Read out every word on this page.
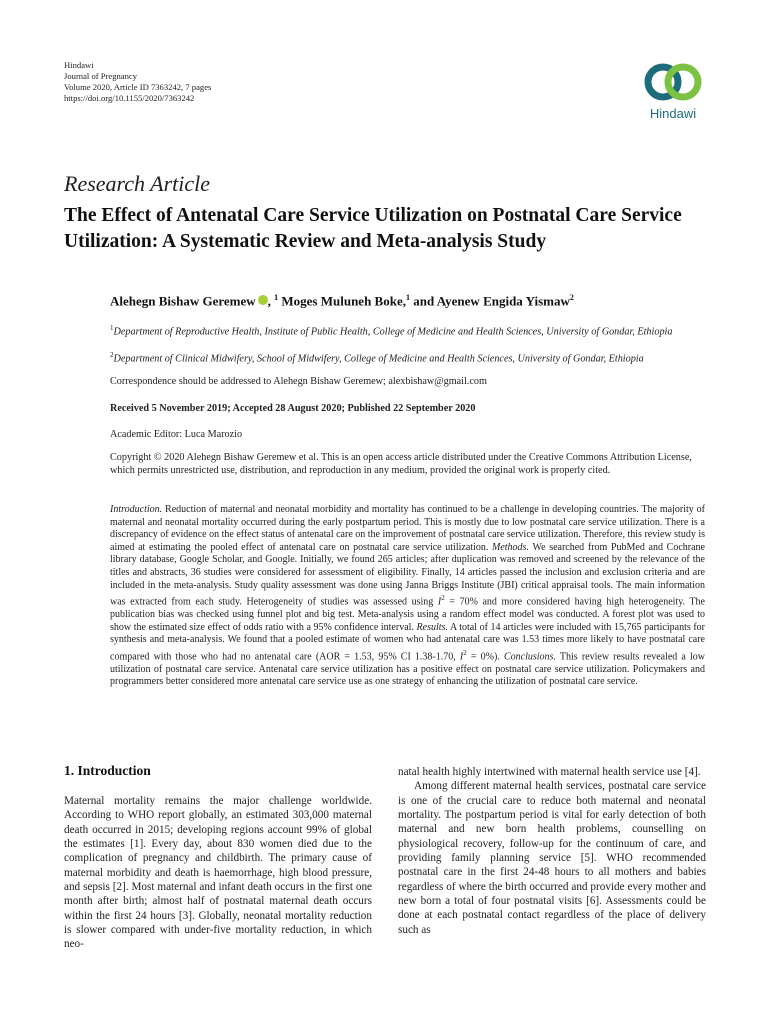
Hindawi
Journal of Pregnancy
Volume 2020, Article ID 7363242, 7 pages
https://doi.org/10.1155/2020/7363242
Hindawi
Research Article
The Effect of Antenatal Care Service Utilization on Postnatal Care Service Utilization: A Systematic Review and Meta-analysis Study
Alehegn Bishaw Geremew , $^1$ Moges Muluneh Boke,$^1$ and Ayenew Engida Yismaw$^2$
$^1$Department of Reproductive Health, Institute of Public Health, College of Medicine and Health Sciences, University of Gondar, Ethiopia
$^2$Department of Clinical Midwifery, School of Midwifery, College of Medicine and Health Sciences, University of Gondar, Ethiopia
Correspondence should be addressed to Alehegn Bishaw Geremew; alexbishaw@gmail.com
Received 5 November 2019; Accepted 28 August 2020; Published 22 September 2020
Academic Editor: Luca Marozio
Copyright © 2020 Alehegn Bishaw Geremew et al. This is an open access article distributed under the Creative Commons Attribution License, which permits unrestricted use, distribution, and reproduction in any medium, provided the original work is properly cited.
Introduction. Reduction of maternal and neonatal morbidity and mortality has continued to be a challenge in developing countries. The majority of maternal and neonatal mortality occurred during the early postpartum period. This is mostly due to low postnatal care service utilization. There is a discrepancy of evidence on the effect status of antenatal care on the improvement of postnatal care service utilization. Therefore, this review study is aimed at estimating the pooled effect of antenatal care on postnatal care service utilization. Methods. We searched from PubMed and Cochrane library database, Google Scholar, and Google. Initially, we found 265 articles; after duplication was removed and screened by the relevance of the titles and abstracts, 36 studies were considered for assessment of eligibility. Finally, 14 articles passed the inclusion and exclusion criteria and are included in the meta-analysis. Study quality assessment was done using Janna Briggs Institute (JBI) critical appraisal tools. The main information was extracted from each study. Heterogeneity of studies was assessed using $I^2 = 70\%$ and more considered having high heterogeneity. The publication bias was checked using funnel plot and big test. Meta-analysis using a random effect model was conducted. A forest plot was used to show the estimated size effect of odds ratio with a 95% confidence interval. Results. A total of 14 articles were included with 15,765 participants for synthesis and meta-analysis. We found that a pooled estimate of women who had antenatal care was 1.53 times more likely to have postnatal care compared with those who had no antenatal care (AOR = 1.53, 95% CI 1.38-1.70, $I^2 = 0\%$). Conclusions. This review results revealed a low utilization of postnatal care service. Antenatal care service utilization has a positive effect on postnatal care service utilization. Policymakers and programmers better considered more antenatal care service use as one strategy of enhancing the utilization of postnatal care service.
1. Introduction

Maternal mortality remains the major challenge worldwide. According to WHO report globally, an estimated 303,000 maternal death occurred in 2015; developing regions account 99% of global the estimates [1]. Every day, about 830 women died due to the complication of pregnancy and childbirth. The primary cause of maternal morbidity and death is haemorrhage, high blood pressure, and sepsis [2]. Most maternal and infant death occurs in the first one month after birth; almost half of postnatal maternal death occurs within the first 24 hours [3]. Globally, neonatal mortality reduction is slower compared with under-five mortality reduction, in which neo-

natal health highly intertwined with maternal health service use [4].

Among different maternal health services, postnatal care service is one of the crucial care to reduce both maternal and neonatal mortality. The postpartum period is vital for early detection of both maternal and new born health problems, counselling on physiological recovery, follow-up for the continuum of care, and providing family planning service [5]. WHO recommended postnatal care in the first 24-48 hours to all mothers and babies regardless of where the birth occurred and provide every mother and new born a total of four postnatal visits [6]. Assessments could be done at each postnatal contact regardless of the place of delivery such as
